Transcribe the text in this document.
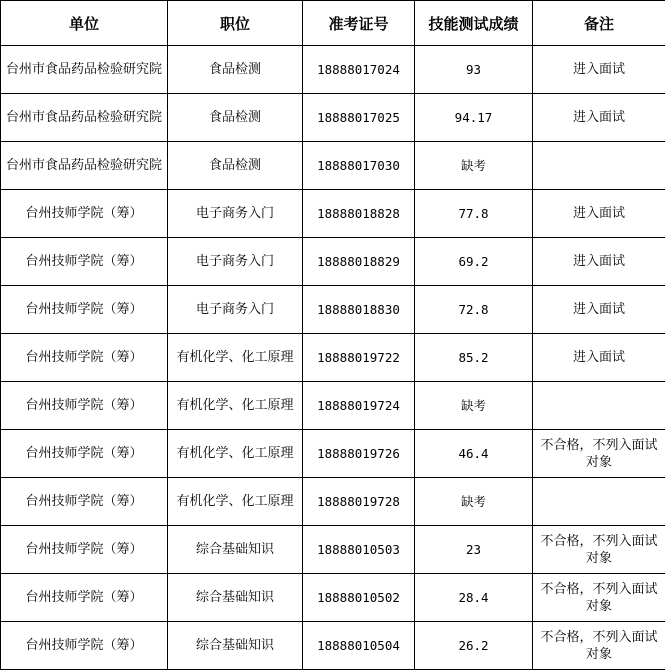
单位	职位	准考证号	技能测试成绩	备注
台州市食品药品检验研究院	食品检测	18888017024	93	进入面试
台州市食品药品检验研究院	食品检测	18888017025	94.17	进入面试
台州市食品药品检验研究院	食品检测	18888017030	缺考	
台州技师学院（筹）	电子商务入门	18888018828	77.8	进入面试
台州技师学院（筹）	电子商务入门	18888018829	69.2	进入面试
台州技师学院（筹）	电子商务入门	18888018830	72.8	进入面试
台州技师学院（筹）	有机化学、化工原理	18888019722	85.2	进入面试
台州技师学院（筹）	有机化学、化工原理	18888019724	缺考	
台州技师学院（筹）	有机化学、化工原理	18888019726	46.4	不合格，不列入面试对象
台州技师学院（筹）	有机化学、化工原理	18888019728	缺考	
台州技师学院（筹）	综合基础知识	18888010503	23	不合格，不列入面试对象
台州技师学院（筹）	综合基础知识	18888010502	28.4	不合格，不列入面试对象
台州技师学院（筹）	综合基础知识	18888010504	26.2	不合格，不列入面试对象
